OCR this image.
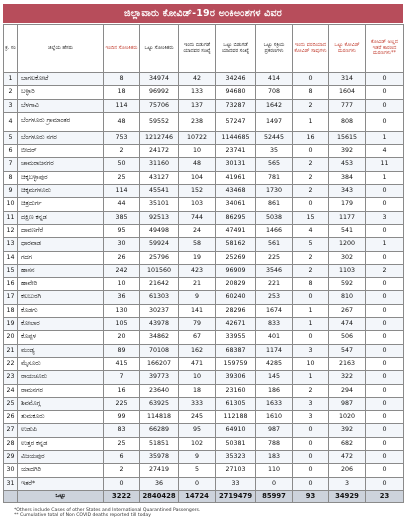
ಜಿಲ್ಲಾವಾರು ಕೋವಿಡ್-19ರ ಅಂಕಿಅಂಶಗಳ ವಿವರ
ಕ್ರ. ಸಂ	ಜಿಲ್ಲೆಯ ಹೆಸರು	ಇಂದಿನ ಸೋಂಕಿತರು	ಒಟ್ಟು ಸೋಂಕಿತರು	ಇಂದು ಬಿಡುಗಡೆ ಯಾದವರ ಸಂಖ್ಯೆ	ಒಟ್ಟು ಬಿಡುಗಡೆ ಯಾದವರ ಸಂಖ್ಯೆ	ಒಟ್ಟು ಸಕ್ರಿಯ ಪ್ರಕರಣಗಳು	ಇಂದು ವರದಿಯಾದ ಕೋವಿಡ್ ಸಾವುಗಳು	ಒಟ್ಟು ಕೋವಿಡ್ ಮರಣಗಳು	ಕೋವಿಡ್ ಅಲ್ಲದ ಇತರೆ ಕಾರಣದ ಮರಣಗಳು**
1	ಬಾಗಲಕೋಟೆ	8	34974	42	34246	414	0	314	0
2	ಬಳ್ಳಾರಿ	18	96992	133	94680	708	8	1604	0
3	ಬೆಳಗಾವಿ	114	75706	137	73287	1642	2	777	0
4	ಬೆಂಗಳೂರು ಗ್ರಾಮಾಂತರ	48	59552	238	57247	1497	1	808	0
5	ಬೆಂಗಳೂರು ನಗರ	753	1212746	10722	1144685	52445	16	15615	1
6	ಬೀದರ್	2	24172	10	23741	35	0	392	4
7	ಚಾಮರಾಜನಗರ	50	31160	48	30131	565	2	453	11
8	ಚಿಕ್ಕಬಳ್ಳಾಪುರ	25	43127	104	41961	781	2	384	1
9	ಚಿಕ್ಕಮಗಳೂರು	114	45541	152	43468	1730	2	343	0
10	ಚಿತ್ರದುರ್ಗ	44	35101	103	34061	861	0	179	0
11	ದಕ್ಷಿಣ ಕನ್ನಡ	385	92513	744	86295	5038	15	1177	3
12	ದಾವಣಗೆರೆ	95	49498	24	47491	1466	4	541	0
13	ಧಾರವಾಡ	30	59924	58	58162	561	5	1200	1
14	ಗದಗ	26	25796	19	25269	225	2	302	0
15	ಹಾಸನ	242	101560	423	96909	3546	2	1103	2
16	ಹಾವೇರಿ	10	21642	21	20829	221	8	592	0
17	ಕಲಬುರಗಿ	36	61303	9	60240	253	0	810	0
18	ಕೊಡಗು	130	30237	141	28296	1674	1	267	0
19	ಕೋಲಾರ	105	43978	79	42671	833	1	474	0
20	ಕೊಪ್ಪಳ	20	34862	67	33955	401	0	506	0
21	ಮಂಡ್ಯ	89	70108	162	68387	1174	3	547	0
22	ಮೈಸೂರು	415	166207	471	159759	4285	10	2163	0
23	ರಾಯಚೂರು	7	39773	10	39306	145	1	322	0
24	ರಾಮನಗರ	16	23640	18	23160	186	2	294	0
25	ಶಿವಮೊಗ್ಗ	225	63925	333	61305	1633	3	987	0
26	ತುಮಕೂರು	99	114818	245	112188	1610	3	1020	0
27	ಉಡುಪಿ	83	66289	95	64910	987	0	392	0
28	ಉತ್ತರ ಕನ್ನಡ	25	51851	102	50381	788	0	682	0
29	ವಿಜಯಪುರ	6	35978	9	35323	183	0	472	0
30	ಯಾದಗಿರಿ	2	27419	5	27103	110	0	206	0
31	ಇತರೆ*	0	36	0	33	0	0	3	0
	ಒಟ್ಟು	3222	2840428	14724	2719479	85997	93	34929	23
*Others include Cases of other States and International Quarantined Passengers.
** Cumulative total of Non COVID deaths reported till today
